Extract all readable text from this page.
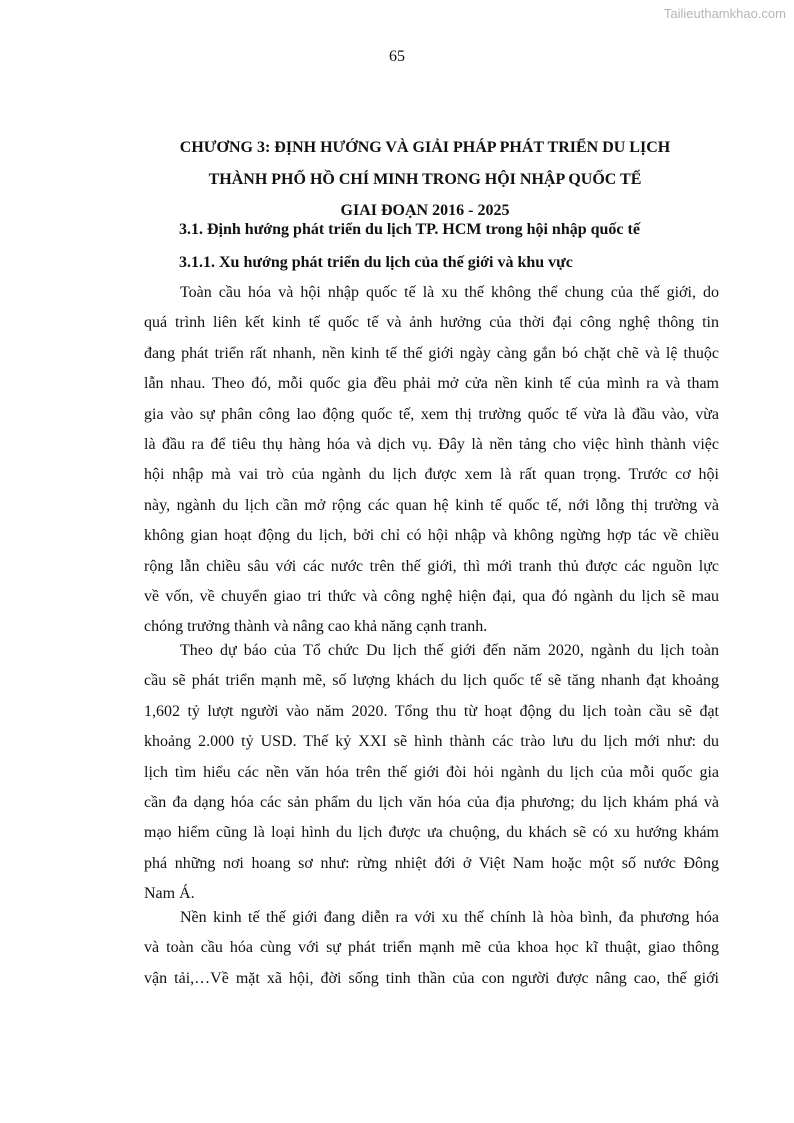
Tailieuthamkhao.com
65
CHƯƠNG 3: ĐỊNH HƯỚNG VÀ GIẢI PHÁP PHÁT TRIỂN DU LỊCH
THÀNH PHỐ HỒ CHÍ MINH TRONG HỘI NHẬP QUỐC TẾ
GIAI ĐOẠN 2016 - 2025
3.1. Định hướng phát triển du lịch TP. HCM trong hội nhập quốc tế
3.1.1. Xu hướng phát triển du lịch của thế giới và khu vực
Toàn cầu hóa và hội nhập quốc tế là xu thế không thể chung của thế giới, do
quá trình liên kết kinh tế quốc tế và ảnh hưởng của thời đại công nghệ thông tin
đang phát triển rất nhanh, nền kinh tế thế giới ngày càng gắn bó chặt chẽ và lệ thuộc
lẫn nhau. Theo đó, mỗi quốc gia đều phải mở cửa nền kinh tế của mình ra và tham
gia vào sự phân công lao động quốc tế, xem thị trường quốc tế vừa là đầu vào, vừa
là đầu ra để tiêu thụ hàng hóa và dịch vụ. Đây là nền tảng cho việc hình thành việc
hội nhập mà vai trò của ngành du lịch được xem là rất quan trọng. Trước cơ hội
này, ngành du lịch cần mở rộng các quan hệ kinh tế quốc tế, nới lỗng thị trường và
không gian hoạt động du lịch, bởi chỉ có hội nhập và không ngừng hợp tác về chiều
rộng lẫn chiều sâu với các nước trên thế giới, thì mới tranh thủ được các nguồn lực
về vốn, về chuyển giao tri thức và công nghệ hiện đại, qua đó ngành du lịch sẽ mau
chóng trưởng thành và nâng cao khả năng cạnh tranh.
Theo dự báo của Tổ chức Du lịch thế giới đến năm 2020, ngành du lịch toàn
cầu sẽ phát triển mạnh mẽ, số lượng khách du lịch quốc tế sẽ tăng nhanh đạt khoảng
1,602 tỷ lượt người vào năm 2020. Tổng thu từ hoạt động du lịch toàn cầu sẽ đạt
khoảng 2.000 tỷ USD. Thế kỷ XXI sẽ hình thành các trào lưu du lịch mới như: du
lịch tìm hiểu các nền văn hóa trên thế giới đòi hỏi ngành du lịch của mỗi quốc gia
cần đa dạng hóa các sản phẩm du lịch văn hóa của địa phương; du lịch khám phá và
mạo hiểm cũng là loại hình du lịch được ưa chuộng, du khách sẽ có xu hướng khám
phá những nơi hoang sơ như: rừng nhiệt đới ở Việt Nam hoặc một số nước Đông
Nam Á.
Nền kinh tế thế giới đang diễn ra với xu thế chính là hòa bình, đa phương hóa
và toàn cầu hóa cùng với sự phát triển mạnh mẽ của khoa học kĩ thuật, giao thông
vận tải,…Về mặt xã hội, đời sống tinh thần của con người được nâng cao, thế giới
